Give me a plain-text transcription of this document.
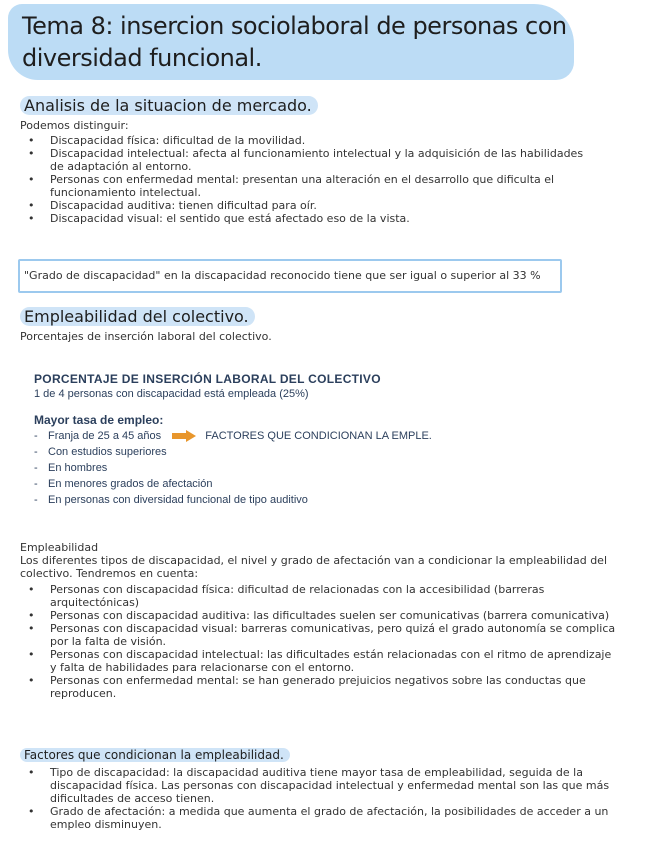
Tema 8: insercion sociolaboral de personas con diversidad funcional.
Analisis de la situacion de mercado.

Podemos distinguir:

• Discapacidad física: dificultad de la movilidad.
• Discapacidad intelectual: afecta al funcionamiento intelectual y la adquisición de las habilidades de adaptación al entorno.
• Personas con enfermedad mental: presentan una alteración en el desarrollo que dificulta el funcionamiento intelectual.
• Discapacidad auditiva: tienen dificultad para oír.
• Discapacidad visual: el sentido que está afectado eso de la vista.
"Grado de discapacidad" en la discapacidad reconocido tiene que ser igual o superior al 33 %
Empleabilidad del colectivo.

Porcentajes de inserción laboral del colectivo.

PORCENTAJE DE INSERCIÓN LABORAL DEL COLECTIVO

1 de 4 personas con discapacidad está empleada (25%)

Mayor tasa de empleo:

- Franja de 25 a 45 años	FACTORES QUE CONDICIONAN LA EMPLE.
- Con estudios superiores
- En hombres
- En menores grados de afectación
- En personas con diversidad funcional de tipo auditivo

Empleabilidad

Los diferentes tipos de discapacidad, el nivel y grado de afectación van a condicionar la empleabilidad del colectivo. Tendremos en cuenta:

• Personas con discapacidad física: dificultad de relacionadas con la accesibilidad (barreras arquitectónicas)
• Personas con discapacidad auditiva: las dificultades suelen ser comunicativas (barrera comunicativa)
• Personas con discapacidad visual: barreras comunicativas, pero quizá el grado autonomía se complica por la falta de visión.
• Personas con discapacidad intelectual: las dificultades están relacionadas con el ritmo de aprendizaje y falta de habilidades para relacionarse con el entorno.
• Personas con enfermedad mental: se han generado prejuicios negativos sobre las conductas que reproducen.
Factores que condicionan la empleabilidad.
• Tipo de discapacidad: la discapacidad auditiva tiene mayor tasa de empleabilidad, seguida de la discapacidad física. Las personas con discapacidad intelectual y enfermedad mental son las que más dificultades de acceso tienen.
• Grado de afectación: a medida que aumenta el grado de afectación, la posibilidades de acceder a un empleo disminuyen.
